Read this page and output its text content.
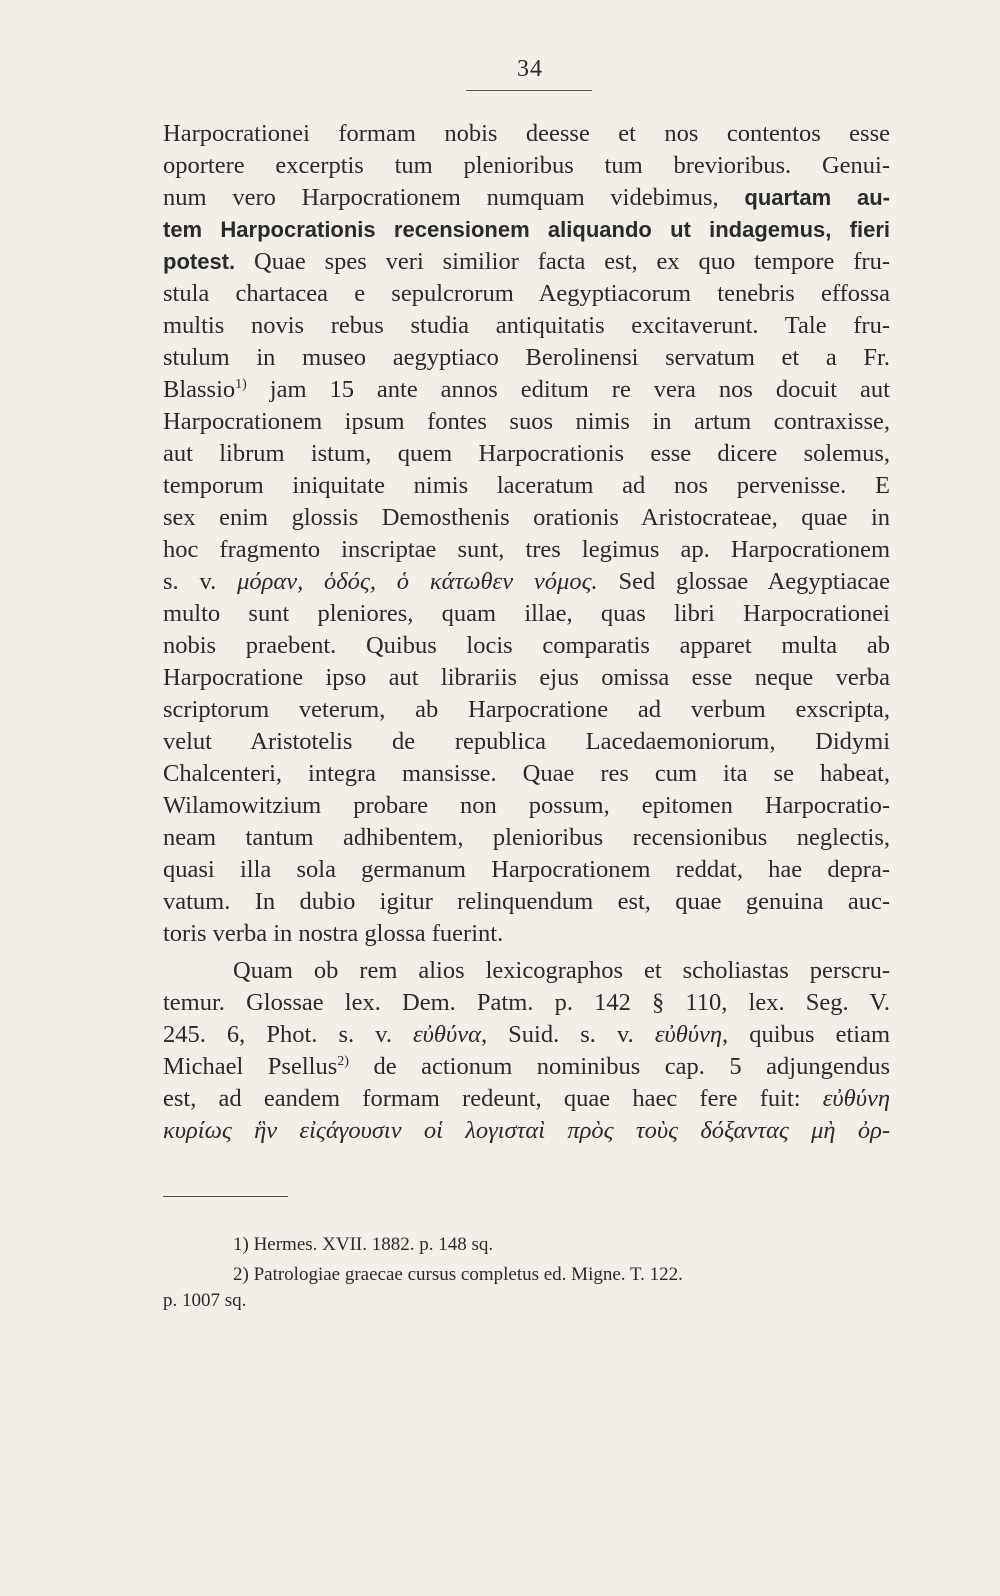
34
Harpocrationei formam nobis deesse et nos contentos esse
oportere excerptis tum plenioribus tum brevioribus. Genui-
num vero Harpocrationem numquam videbimus, quartam au-
tem Harpocrationis recensionem aliquando ut indagemus, fieri
potest. Quae spes veri similior facta est, ex quo tempore fru-
stula chartacea e sepulcrorum Aegyptiacorum tenebris effossa
multis novis rebus studia antiquitatis excitaverunt. Tale fru-
stulum in museo aegyptiaco Berolinensi servatum et a Fr.
Blassio$^{1)}$ jam 15 ante annos editum re vera nos docuit aut
Harpocrationem ipsum fontes suos nimis in artum contraxisse,
aut librum istum, quem Harpocrationis esse dicere solemus,
temporum iniquitate nimis laceratum ad nos pervenisse. E
sex enim glossis Demosthenis orationis Aristocrateae, quae in
hoc fragmento inscriptae sunt, tres legimus ap. Harpocrationem
s. v. μόραν, ὁδός, ὁ κάτωθεν νόμος. Sed glossae Aegyptiacae
multo sunt pleniores, quam illae, quas libri Harpocrationei
nobis praebent. Quibus locis comparatis apparet multa ab
Harpocratione ipso aut librariis ejus omissa esse neque verba
scriptorum veterum, ab Harpocratione ad verbum exscripta,
velut Aristotelis de republica Lacedaemoniorum, Didymi
Chalcenteri, integra mansisse. Quae res cum ita se habeat,
Wilamowitzium probare non possum, epitomen Harpocratio-
neam tantum adhibentem, plenioribus recensionibus neglectis,
quasi illa sola germanum Harpocrationem reddat, hae depra-
vatum. In dubio igitur relinquendum est, quae genuina auc-
toris verba in nostra glossa fuerint.
Quam ob rem alios lexicographos et scholiastas perscru-
temur. Glossae lex. Dem. Patm. p. 142 § 110, lex. Seg. V.
245. 6, Phot. s. v. εὐθύνα, Suid. s. v. εὐθύνη, quibus etiam
Michael Psellus$^{2)}$ de actionum nominibus cap. 5 adjungendus
est, ad eandem formam redeunt, quae haec fere fuit: εὐθύνη
κυρίως ἣν εἰςάγουσιν οἱ λογισταὶ πρὸς τοὺς δόξαντας μὴ ὀρ-
1) Hermes. XVII. 1882. p. 148 sq.
2) Patrologiae graecae cursus completus ed. Migne. T. 122.
p. 1007 sq.
